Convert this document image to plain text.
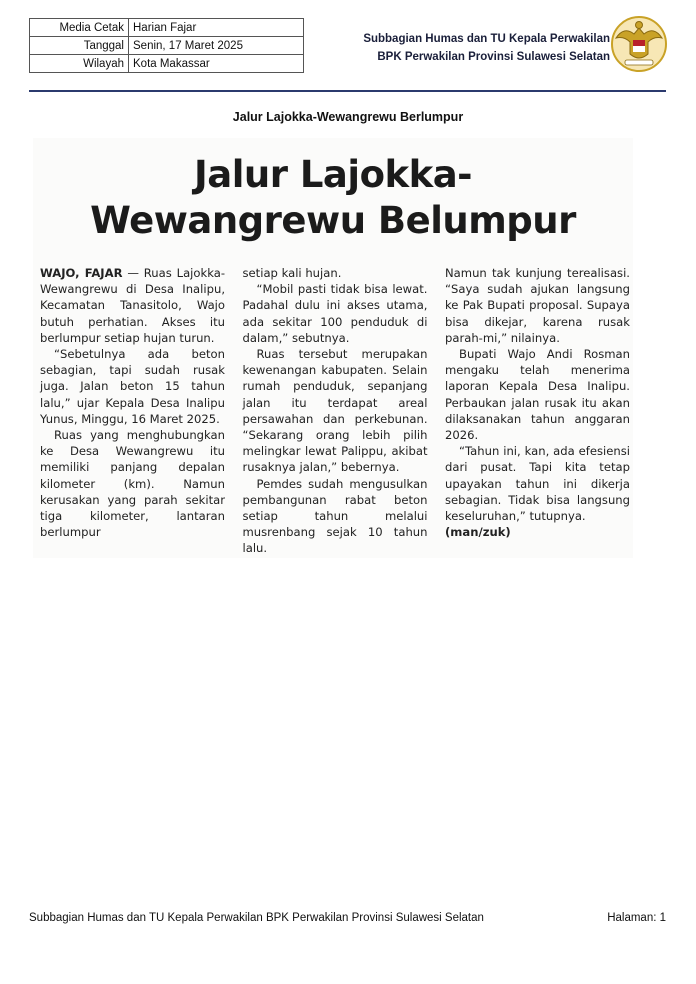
Media Cetak	Harian Fajar
Tanggal	Senin, 17 Maret 2025
Wilayah	Kota Makassar
Subbagian Humas dan TU Kepala Perwakilan
BPK Perwakilan Provinsi Sulawesi Selatan
Jalur Lajokka-Wewangrewu Berlumpur
Jalur Lajokka-
Wewangrewu Belumpur

WAJO, FAJAR — Ruas Lajokka-Wewangrewu di Desa Inalipu, Kecamatan Tanasitolo, Wajo butuh perhatian. Akses itu berlumpur setiap hujan turun.

“Sebetulnya ada beton sebagian, tapi sudah rusak juga. Jalan beton 15 tahun lalu,” ujar Kepala Desa Inalipu Yunus, Minggu, 16 Maret 2025.

Ruas yang menghubungkan ke Desa Wewangrewu itu memiliki panjang depalan kilometer (km). Namun kerusakan yang parah sekitar tiga kilometer, lantaran berlumpur

setiap kali hujan.

“Mobil pasti tidak bisa lewat. Padahal dulu ini akses utama, ada sekitar 100 penduduk di dalam,” sebutnya.

Ruas tersebut merupakan kewenangan kabupaten. Selain rumah penduduk, sepanjang jalan itu terdapat areal persawahan dan perkebunan. “Sekarang orang lebih pilih melingkar lewat Palippu, akibat rusaknya jalan,” bebernya.

Pemdes sudah mengusulkan pembangunan rabat beton setiap tahun melalui musrenbang sejak 10 tahun lalu.

Namun tak kunjung terealisasi. “Saya sudah ajukan langsung ke Pak Bupati proposal. Supaya bisa dikejar, karena rusak parah-mi,” nilainya.

Bupati Wajo Andi Rosman mengaku telah menerima laporan Kepala Desa Inalipu. Perbaukan jalan rusak itu akan dilaksanakan tahun anggaran 2026.

“Tahun ini, kan, ada efesiensi dari pusat. Tapi kita tetap upayakan tahun ini dikerja sebagian. Tidak bisa langsung keseluruhan,” tutupnya.

(man/zuk)

Subbagian Humas dan TU Kepala Perwakilan BPK Perwakilan Provinsi Sulawesi Selatan	Halaman: 1
